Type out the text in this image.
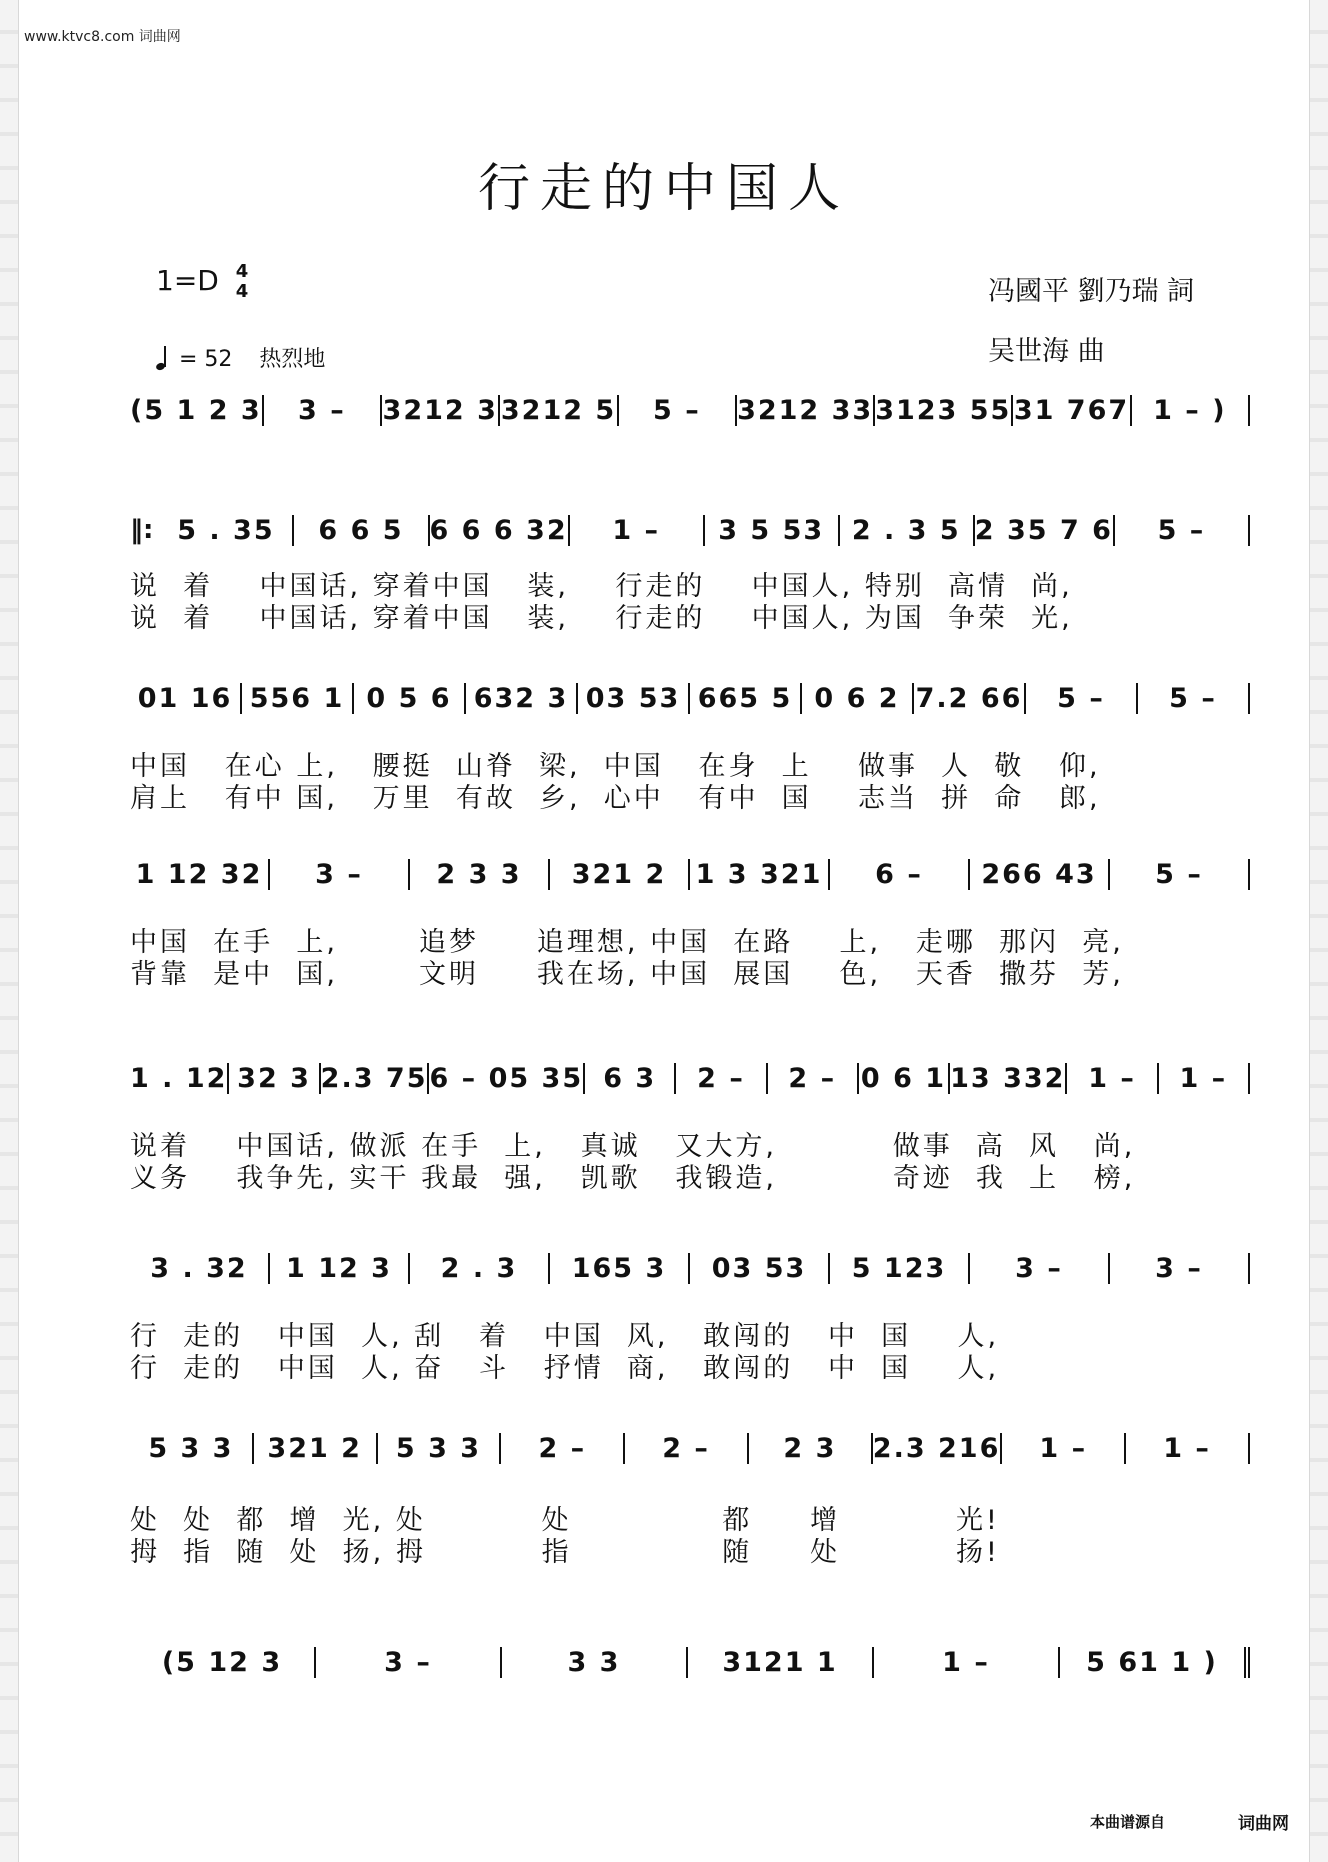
www.ktvc8.com 词曲网
行走的中国人
1=D 4
4
= 52 热烈地
冯國平 劉乃瑞 詞
吴世海 曲
(5 1 2 3	3 –	3212 3 3212 5	5 –	3212 33 3123 55 31 767 1 – )
‖: 5 . 35	6 6 5 6 6 6 32	1 –	3 5 53	2 . 3 5 2 35 7 6	5 –
说  着    中国话, 穿着中国   装,    行走的    中国人, 特别  高情  尚,
说  着    中国话, 穿着中国   装,    行走的    中国人, 为国  争荣  光,
01 16 556 1 0 5 6 632 3 03 53 665 5 0 6 2 7.2 66	5 –	5 –
中国   在心 上,   腰挺  山脊  梁,  中国   在身  上    做事  人  敬   仰,
肩上   有中 国,   万里  有故  乡,  心中   有中  国    志当  拼  命   郎,
1 12 32	3 –	2 3 3	321 2	1 3 321	6 –	266 43	5 –
中国  在手  上,       追梦     追理想, 中国  在路    上,   走哪  那闪  亮,
背靠  是中  国,       文明     我在场, 中国  展国    色,   天香  撒芬  芳,
1 . 12 32 3 2.3 75 6 – 05 35 6 3	2 –	2 – 0 6 1 13 332 1 –	1 –
说着    中国话, 做派 在手  上,   真诚   又大方,          做事  高  风   尚,
义务    我争先, 实干 我最  强,   凯歌   我锻造,          奇迹  我  上   榜,
3 . 32	1 12 3	2 . 3	165 3	03 53	5 123	3 –	3 –
行  走的   中国  人, 刮   着   中国  风,   敢闯的   中  国    人,
行  走的   中国  人, 奋   斗   抒情  商,   敢闯的   中  国    人,
5 3 3	321 2	5 3 3	2 –	2 –	2 3	2.3 216	1 –	1 –
处  处  都  增  光, 处          处             都     增          光!
拇  指  随  处  扬, 拇          指             随     处          扬!
(5 12 3	3 –	3 3	3121 1	1 –	5 61 1 )
本曲谱源自	词曲网
